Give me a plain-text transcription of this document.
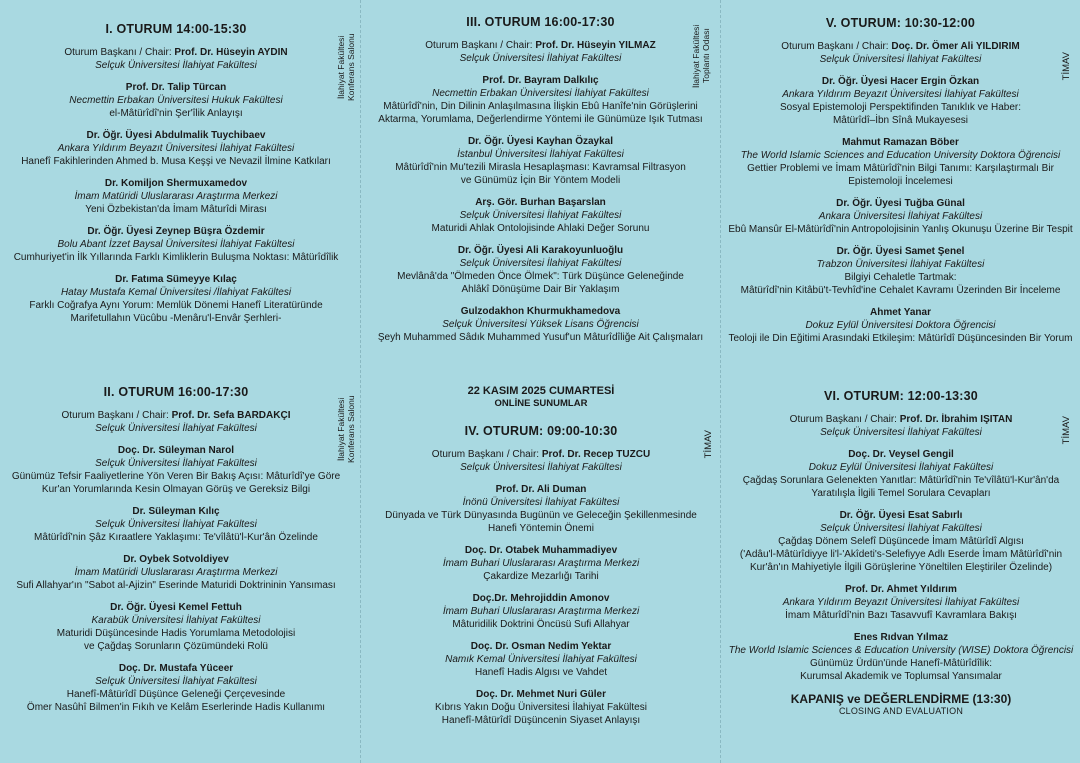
I. OTURUM 14:00-15:30
Oturum Başkanı / Chair: Prof. Dr. Hüseyin AYDIN
Selçuk Üniversitesi İlahiyat Fakültesi
Prof. Dr. Talip Türcan
Necmettin Erbakan Üniversitesi Hukuk Fakültesi
el-Mâtürîdî'nin Şer'îlik Anlayışı
Dr. Öğr. Üyesi Abdulmalik Tuychibaev
Ankara Yıldırım Beyazıt Üniversitesi İlahiyat Fakültesi
Hanefî Fakihlerinden Ahmed b. Musa Keşşi ve Nevazil İlmine Katkıları
Dr. Komiljon Shermuxamedov
İmam Matüridi Uluslararası Araştırma Merkezi
Yeni Özbekistan'da İmam Mâturîdi Mirası
Dr. Öğr. Üyesi Zeynep Büşra Özdemir
Bolu Abant İzzet Baysal Üniversitesi İlahiyat Fakültesi
Cumhuriyet'in İlk Yıllarında Farklı Kimliklerin Buluşma Noktası: Mâtürîdîlik
Dr. Fatıma Sümeyye Kılaç
Hatay Mustafa Kemal Üniversitesi /İlahiyat Fakültesi
Farklı Coğrafya Aynı Yorum: Memlük Dönemi Hanefî Literatüründe
Marifetullahın Vücûbu -Menâru'l-Envâr Şerhleri-
II. OTURUM 16:00-17:30
Oturum Başkanı / Chair: Prof. Dr. Sefa BARDAKÇI
Selçuk Üniversitesi İlahiyat Fakültesi
Doç. Dr. Süleyman Narol
Selçuk Üniversitesi İlahiyat Fakültesi
Günümüz Tefsir Faaliyetlerine Yön Veren Bir Bakış Açısı: Mâturîdî'ye Göre
Kur'an Yorumlarında Kesin Olmayan Görüş ve Gereksiz Bilgi
Dr. Süleyman Kılıç
Selçuk Üniversitesi İlahiyat Fakültesi
Mâtürîdî'nin Şâz Kıraatlere Yaklaşımı: Te'vîlâtü'l-Kur'ân Özelinde
Dr. Oybek Sotvoldiyev
İmam Matüridi Uluslararası Araştırma Merkezi
Sufi Allahyar'ın "Sabot al-Ajizin" Eserinde Maturidi Doktrininin Yansıması
Dr. Öğr. Üyesi Kemel Fettuh
Karabük Üniversitesi İlahiyat Fakültesi
Maturidi Düşüncesinde Hadis Yorumlama Metodolojisi
ve Çağdaş Sorunların Çözümündeki Rolü
Doç. Dr. Mustafa Yüceer
Selçuk Üniversitesi İlahiyat Fakültesi
Hanefî-Mâtürîdî Düşünce Geleneği Çerçevesinde
Ömer Nasûhî Bilmen'in Fıkıh ve Kelâm Eserlerinde Hadis Kullanımı
İlahiyat Fakültesi Konferans Salonu
İlahiyat Fakültesi Konferans Salonu
III. OTURUM 16:00-17:30
Oturum Başkanı / Chair: Prof. Dr. Hüseyin YILMAZ
Selçuk Üniversitesi İlahiyat Fakültesi
Prof. Dr. Bayram Dalkılıç
Necmettin Erbakan Üniversitesi İlahiyat Fakültesi
Mâtürîdî'nin, Din Dilinin Anlaşılmasına İlişkin Ebû Hanîfe'nin Görüşlerini
Aktarma, Yorumlama, Değerlendirme Yöntemi ile Günümüze Işık Tutması
Dr. Öğr. Üyesi Kayhan Özaykal
İstanbul Üniversitesi İlahiyat Fakültesi
Mâtürîdî'nin Mu'tezili Mirasla Hesaplaşması: Kavramsal Filtrasyon
ve Günümüz İçin Bir Yöntem Modeli
Arş. Gör. Burhan Başarslan
Selçuk Üniversitesi İlahiyat Fakültesi
Maturidi Ahlak Ontolojisinde Ahlaki Değer Sorunu
Dr. Öğr. Üyesi Ali Karakoyunluoğlu
Selçuk Üniversitesi İlahiyat Fakültesi
Mevlânâ'da "Ölmeden Önce Ölmek": Türk Düşünce Geleneğinde
Ahlâkî Dönüşüme Dair Bir Yaklaşım
Gulzodakhon Khurmukhamedova
Selçuk Üniversitesi Yüksek Lisans Öğrencisi
Şeyh Muhammed Sâdık Muhammed Yusuf'un Mâturîdîliğe Ait Çalışmaları
22 KASIM 2025 CUMARTESİ
ONLİNE SUNUMLAR
IV. OTURUM: 09:00-10:30
Oturum Başkanı / Chair: Prof. Dr. Recep TUZCU
Selçuk Üniversitesi İlahiyat Fakültesi
Prof. Dr. Ali Duman
İnönü Üniversitesi İlahiyat Fakültesi
Dünyada ve Türk Dünyasında Bugünün ve Geleceğin Şekillenmesinde
Hanefi Yöntemin Önemi
Doç. Dr. Otabek Muhammadiyev
İmam Buhari Uluslararası Araştırma Merkezi
Çakardize Mezarlığı Tarihi
Doç.Dr. Mehrojiddin Amonov
İmam Buhari Uluslararası Araştırma Merkezi
Mâturidilik Doktrini Öncüsü Sufi Allahyar
Doç. Dr. Osman Nedim Yektar
Namık Kemal Üniversitesi İlahiyat Fakültesi
Hanefî Hadis Algısı ve Vahdet
Doç. Dr. Mehmet Nuri Güler
Kıbrıs Yakın Doğu Üniversitesi İlahiyat Fakültesi
Hanefî-Mâtürîdî Düşüncenin Siyaset Anlayışı
İlahiyat Fakültesi Toplantı Odası
TİMAV
V. OTURUM: 10:30-12:00
Oturum Başkanı / Chair: Doç. Dr. Ömer Ali YILDIRIM
Selçuk Üniversitesi İlahiyat Fakültesi
Dr. Öğr. Üyesi Hacer Ergin Özkan
Ankara Yıldırım Beyazıt Üniversitesi İlahiyat Fakültesi
Sosyal Epistemoloji Perspektifinden Tanıklık ve Haber:
Mâtürîdî–İbn Sînâ Mukayesesi
Mahmut Ramazan Böber
The World Islamic Sciences and Education University Doktora Öğrencisi
Gettier Problemi ve İmam Mâtürîdî'nin Bilgi Tanımı: Karşılaştırmalı Bir
Epistemoloji İncelemesi
Dr. Öğr. Üyesi Tuğba Günal
Ankara Üniversitesi İlahiyat Fakültesi
Ebû Mansûr El-Mâtürîdî'nin Antropolojisinin Yanlış Okunuşu Üzerine Bir Tespit
Dr. Öğr. Üyesi Samet Şenel
Trabzon Üniversitesi İlahiyat Fakültesi
Bilgiyi Cehaletle Tartmak:
Mâtürîdî'nin Kitâbü't-Tevhîd'ine Cehalet Kavramı Üzerinden Bir İnceleme
Ahmet Yanar
Dokuz Eylül Üniversitesi Doktora Öğrencisi
Teoloji ile Din Eğitimi Arasındaki Etkileşim: Mâtürîdî Düşüncesinden Bir Yorum
VI. OTURUM: 12:00-13:30
Oturum Başkanı / Chair: Prof. Dr. İbrahim IŞITAN
Selçuk Üniversitesi İlahiyat Fakültesi
Doç. Dr. Veysel Gengil
Dokuz Eylül Üniversitesi İlahiyat Fakültesi
Çağdaş Sorunlara Gelenekten Yanıtlar: Mâtürîdî'nin Te'vîlâtü'l-Kur'ân'da
Yaratılışla İlgili Temel Sorulara Cevapları
Dr. Öğr. Üyesi Esat Sabırlı
Selçuk Üniversitesi İlahiyat Fakültesi
Çağdaş Dönem Selefî Düşüncede İmam Mâtürîdî Algısı
('Adâu'l-Mâtürîdiyye li'l-'Akîdeti's-Selefiyye Adlı Eserde İmam Mâtürîdî'nin
Kur'ân'ın Mahiyetiyle İlgili Görüşlerine Yöneltilen Eleştiriler Özelinde)
Prof. Dr. Ahmet Yıldırım
Ankara Yıldırım Beyazıt Üniversitesi İlahiyat Fakültesi
İmam Mâturîdî'nin Bazı Tasavvufî Kavramlara Bakışı
Enes Rıdvan Yılmaz
The World Islamic Sciences & Education University (WISE) Doktora Öğrencisi
Günümüz Ürdün'ünde Hanefî-Mâtürîdîlik:
Kurumsal Akademik ve Toplumsal Yansımalar
KAPANIŞ ve DEĞERLENDİRME (13:30)
CLOSING AND EVALUATION
TİMAV
TİMAV
